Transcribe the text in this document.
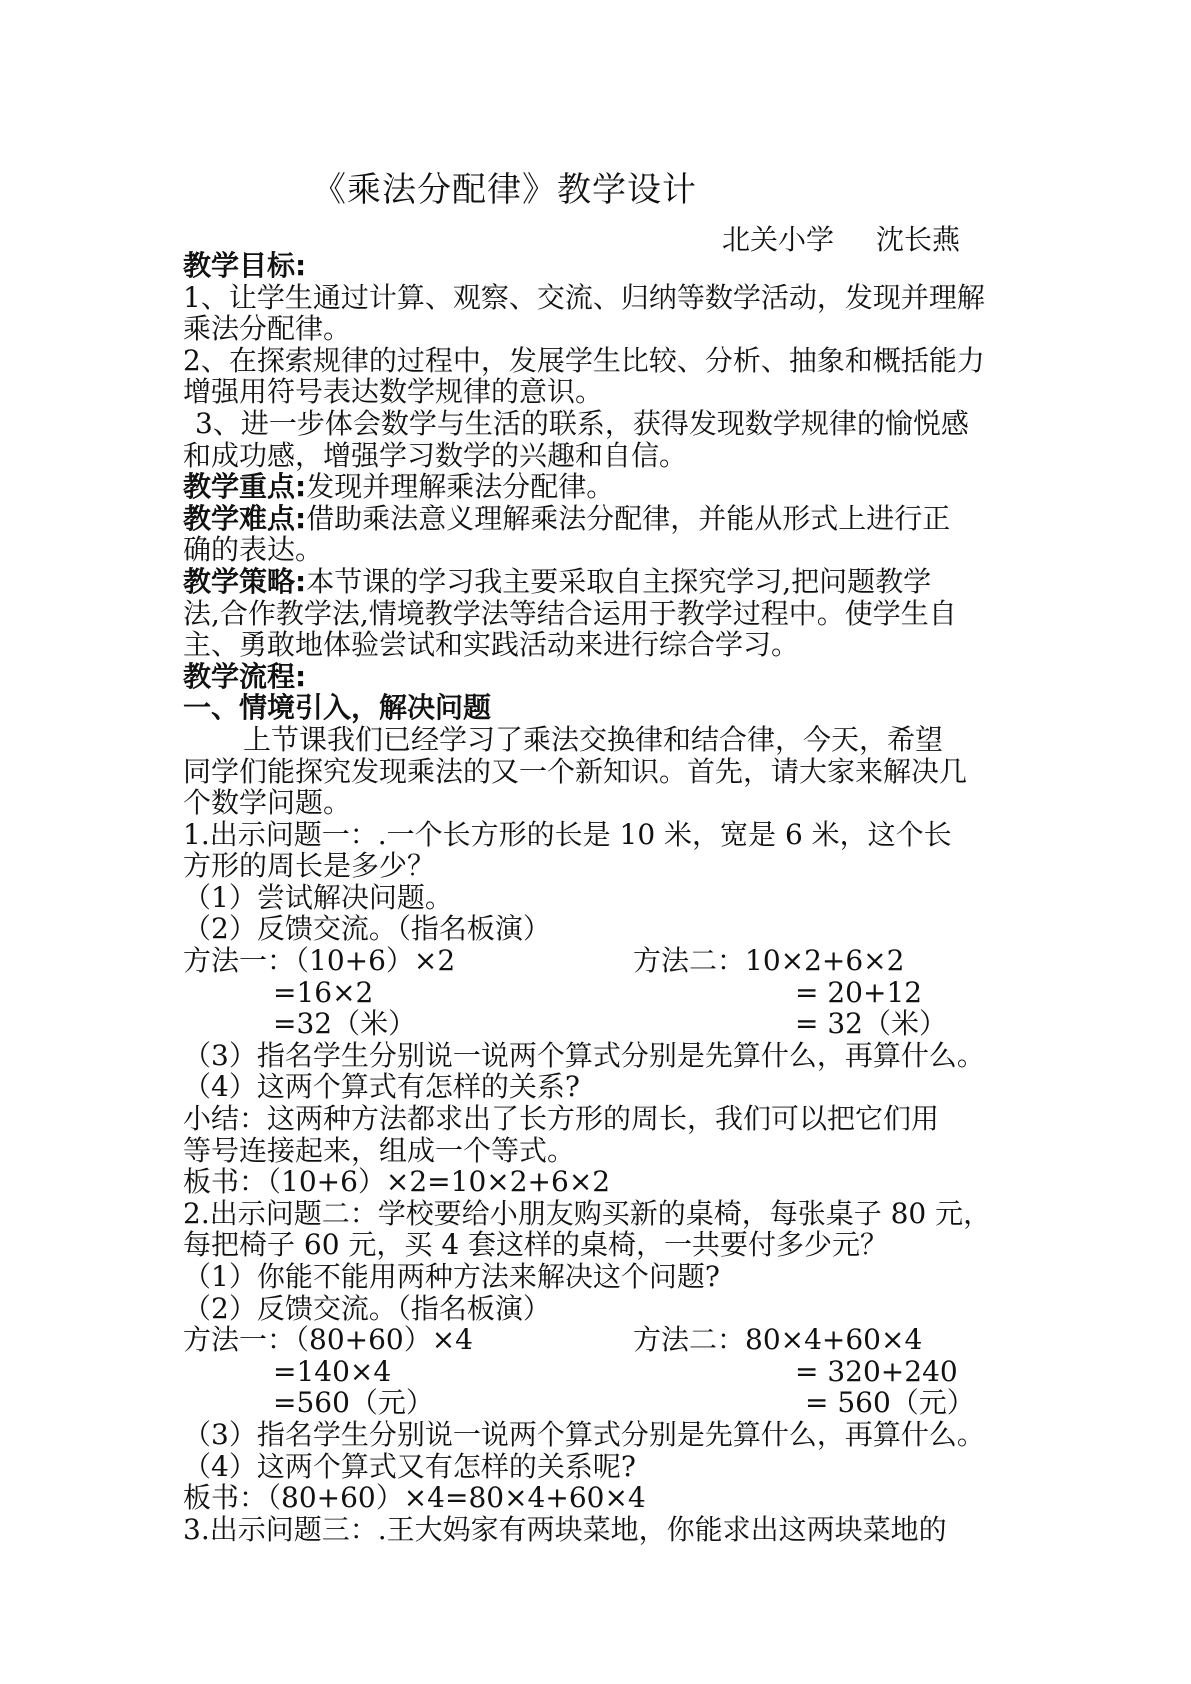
《乘法分配律》教学设计
北关小学 沈长燕

教学目标:

1、让学生通过计算、观察、交流、归纳等数学活动，发现并理解

乘法分配律。

2、在探索规律的过程中，发展学生比较、分析、抽象和概括能力

增强用符号表达数学规律的意识。

3、进一步体会数学与生活的联系，获得发现数学规律的愉悦感

和成功感，增强学习数学的兴趣和自信。

教学重点:发现并理解乘法分配律。

教学难点:借助乘法意义理解乘法分配律，并能从形式上进行正

确的表达。

教学策略:本节课的学习我主要采取自主探究学习,把问题教学

法,合作教学法,情境教学法等结合运用于教学过程中。使学生自

主、勇敢地体验尝试和实践活动来进行综合学习。

教学流程:

一、情境引入，解决问题

上节课我们已经学习了乘法交换律和结合律，今天，希望

同学们能探究发现乘法的又一个新知识。首先，请大家来解决几

个数学问题。

1.出示问题一：.一个长方形的长是 10 米，宽是 6 米，这个长

方形的周长是多少？

（1）尝试解决问题。

（2）反馈交流。（指名板演）

方法一：（10+6）×2	方法二：10×2+6×2
=16×2	= 20+12
=32（米）	= 32（米）

（3）指名学生分别说一说两个算式分别是先算什么，再算什么。

（4）这两个算式有怎样的关系?

小结：这两种方法都求出了长方形的周长，我们可以把它们用

等号连接起来，组成一个等式。

板书：（10+6）×2=10×2+6×2

2.出示问题二：学校要给小朋友购买新的桌椅，每张桌子 80 元，

每把椅子 60 元，买 4 套这样的桌椅，一共要付多少元？

（1）你能不能用两种方法来解决这个问题?

（2）反馈交流。（指名板演）

方法一：（80+60）×4	方法二：80×4+60×4
=140×4	= 320+240
=560（元）	= 560（元）

（3）指名学生分别说一说两个算式分别是先算什么，再算什么。

（4）这两个算式又有怎样的关系呢?

板书：（80+60）×4=80×4+60×4

3.出示问题三：.王大妈家有两块菜地，你能求出这两块菜地的
